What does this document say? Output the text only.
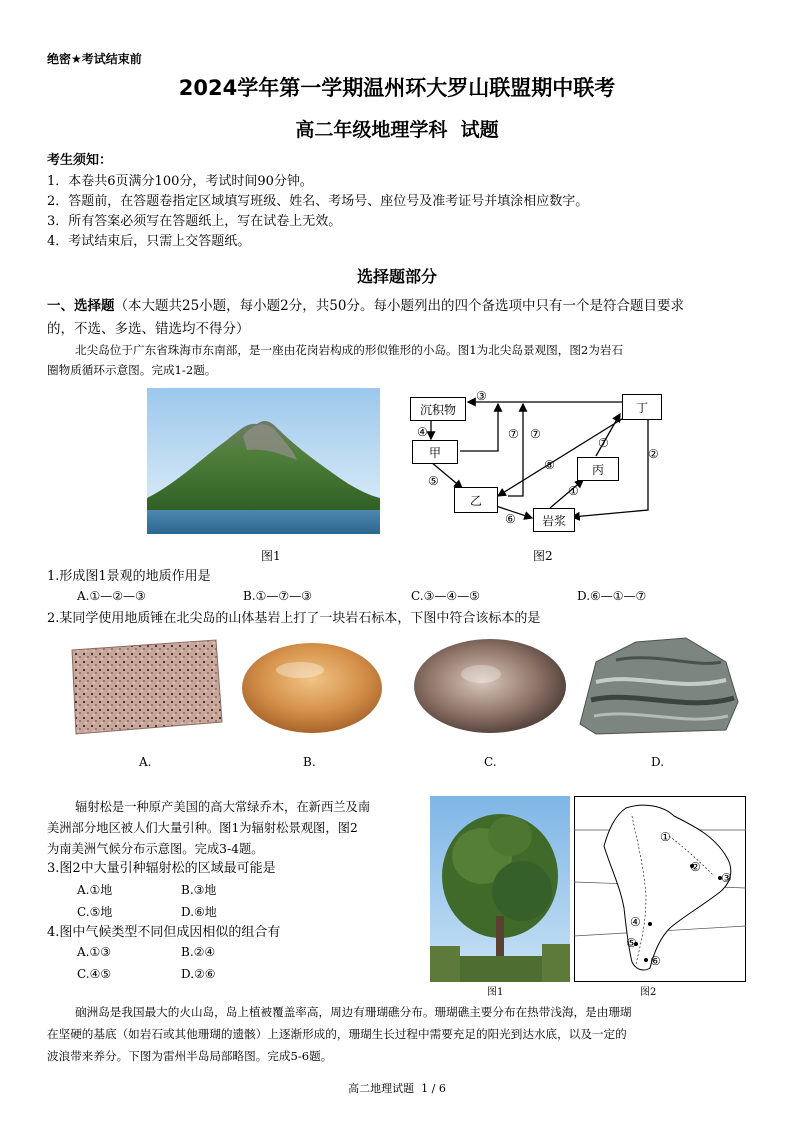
绝密★考试结束前
2024学年第一学期温州环大罗山联盟期中联考
高二年级地理学科  试题
考生须知：
1．本卷共6页满分100分，考试时间90分钟。
2．答题前，在答题卷指定区域填写班级、姓名、考场号、座位号及准考证号并填涂相应数字。
3．所有答案必须写在答题纸上，写在试卷上无效。
4．考试结束后，只需上交答题纸。
选择题部分
一、选择题（本大题共25小题，每小题2分，共50分。每小题列出的四个备选项中只有一个是符合题目要求
的，不选、多选、错选均不得分）
北尖岛位于广东省珠海市东南部，是一座由花岗岩构成的形似锥形的小岛。图1为北尖岛景观图，图2为岩石
圈物质循环示意图。完成1-2题。
沉积物	丁
甲
丙
乙
岩浆
③
④	⑦ ⑦
⑦
②
⑧
⑤
①
⑥
图1	图2
1.形成图1景观的地质作用是
A.①—②—③	B.①—⑦—③	C.③—④—⑤	D.⑥—①—⑦
2.某同学使用地质锤在北尖岛的山体基岩上打了一块岩石标本，下图中符合该标本的是
A.	B.	C.	D.
辐射松是一种原产美国的高大常绿乔木，在新西兰及南
美洲部分地区被人们大量引种。图1为辐射松景观图，图2
为南美洲气候分布示意图。完成3-4题。
3.图2中大量引种辐射松的区域最可能是
A.①地	B.③地
C.⑤地	D.⑥地
4.图中气候类型不同但成因相似的组合有
A.①③	B.②④
C.④⑤	D.②⑥
①
②
③
④
⑤
⑥
图1	图2
硇洲岛是我国最大的火山岛，岛上植被覆盖率高，周边有珊瑚礁分布。珊瑚礁主要分布在热带浅海，是由珊瑚
在坚硬的基底（如岩石或其他珊瑚的遗骸）上逐渐形成的，珊瑚生长过程中需要充足的阳光到达水底，以及一定的
波浪带来养分。下图为雷州半岛局部略图。完成5-6题。
高二地理试题  1 / 6
